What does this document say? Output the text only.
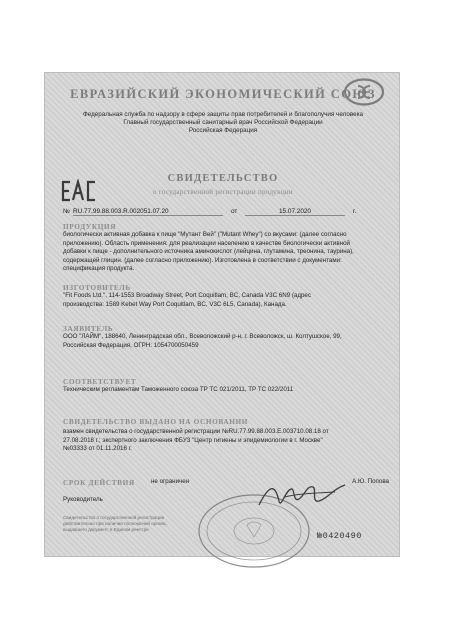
ЕВРАЗИЙСКИЙ ЭКОНОМИЧЕСКИЙ СОЮЗ
Федеральная служба по надзору в сфере защиты прав потребителей и благополучия человека
Главный государственный санитарный врач Российской Федерации
Российская Федерация
СВИДЕТЕЛЬСТВО
о государственной регистрации продукции
№ RU.77.99.88.003.R.002051.07.20	от	15.07.2020	г.
ПРОДУКЦИЯ
биологически активная добавка к пище "Мутант Вей" ("Mutant Whey") со вкусами: (далее согласно
приложению). Область применения: для реализации населению в качестве биологически активной
добавки к пище - дополнительного источника аминокислот (лейцина, глутамина, треонина, таурина),
содержащей глицин. (далее согласно приложению). Изготовлена в соответствии с документами:
спецификация продукта.
ИЗГОТОВИТЕЛЬ
"Fit Foods Ltd.", 114-1553 Broadway Street, Port Coquitlam, BC, Canada V3C 6N9 (адрес
производства: 1589 Kebet Way Port Coquitlam, BC, V3C 6L5, Canada), Канада.
ЗАЯВИТЕЛЬ
ООО "ЛАЙМ", 188640, Ленинградская обл., Всеволожский р-н, г. Всеволожск, ш. Колтушское, 99,
Российская Федерация, ОГРН: 1054700050459
СООТВЕТСТВУЕТ
Техническим регламентам Таможенного союза ТР ТС 021/2011, ТР ТС 022/2011
СВИДЕТЕЛЬСТВО ВЫДАНО НА ОСНОВАНИИ
взамен свидетельства о государственной регистрации №RU.77.99.88.003.E.003710.08.18 от
27.08.2018 г.; экспертного заключения ФБУЗ "Центр гигиены и эпидемиологии в г. Москве"
№03333 от 01.11.2016 г.
СРОК ДЕЙСТВИЯ	не ограничен
Руководитель
А.Ю. Попова
Свидетельство о государственной регистрации
действительно при наличии полномочий органа,
выдавшего документ, в Едином реестре
№0420490
